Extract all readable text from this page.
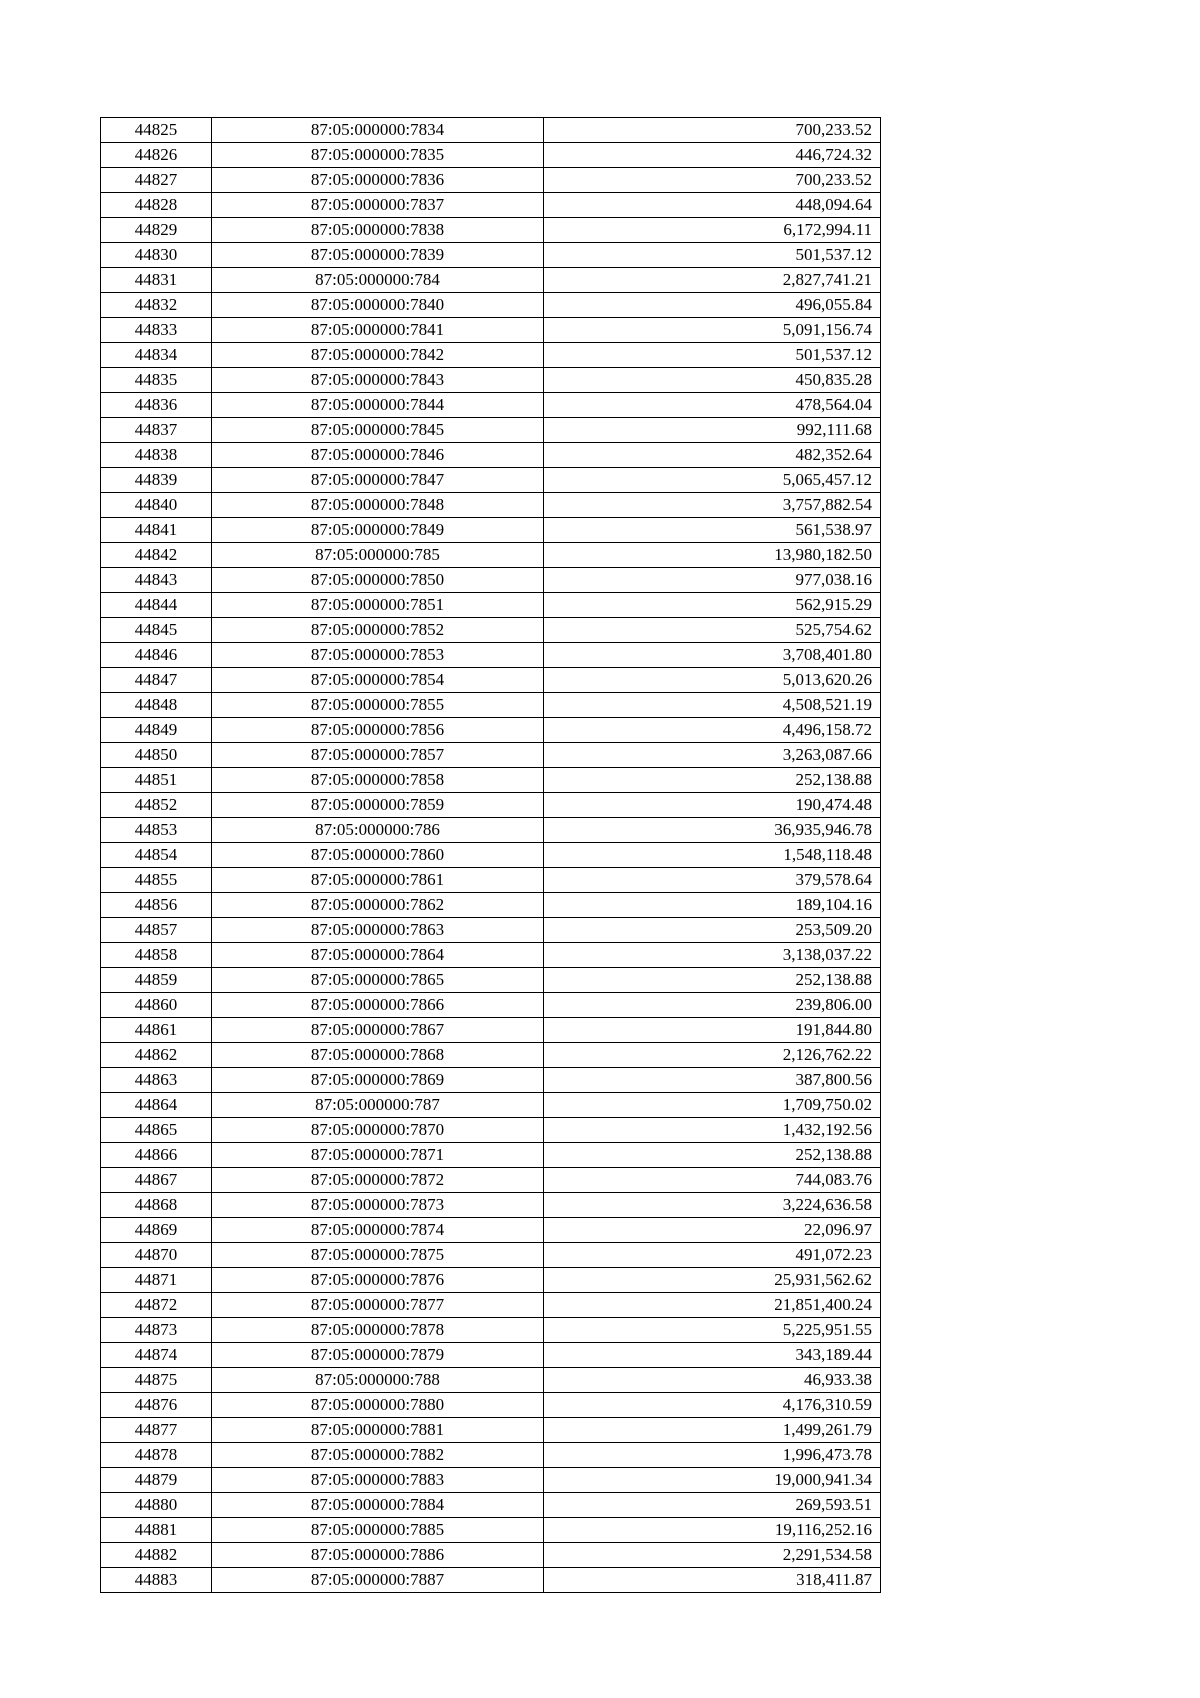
44825	87:05:000000:7834	700,233.52
44826	87:05:000000:7835	446,724.32
44827	87:05:000000:7836	700,233.52
44828	87:05:000000:7837	448,094.64
44829	87:05:000000:7838	6,172,994.11
44830	87:05:000000:7839	501,537.12
44831	87:05:000000:784	2,827,741.21
44832	87:05:000000:7840	496,055.84
44833	87:05:000000:7841	5,091,156.74
44834	87:05:000000:7842	501,537.12
44835	87:05:000000:7843	450,835.28
44836	87:05:000000:7844	478,564.04
44837	87:05:000000:7845	992,111.68
44838	87:05:000000:7846	482,352.64
44839	87:05:000000:7847	5,065,457.12
44840	87:05:000000:7848	3,757,882.54
44841	87:05:000000:7849	561,538.97
44842	87:05:000000:785	13,980,182.50
44843	87:05:000000:7850	977,038.16
44844	87:05:000000:7851	562,915.29
44845	87:05:000000:7852	525,754.62
44846	87:05:000000:7853	3,708,401.80
44847	87:05:000000:7854	5,013,620.26
44848	87:05:000000:7855	4,508,521.19
44849	87:05:000000:7856	4,496,158.72
44850	87:05:000000:7857	3,263,087.66
44851	87:05:000000:7858	252,138.88
44852	87:05:000000:7859	190,474.48
44853	87:05:000000:786	36,935,946.78
44854	87:05:000000:7860	1,548,118.48
44855	87:05:000000:7861	379,578.64
44856	87:05:000000:7862	189,104.16
44857	87:05:000000:7863	253,509.20
44858	87:05:000000:7864	3,138,037.22
44859	87:05:000000:7865	252,138.88
44860	87:05:000000:7866	239,806.00
44861	87:05:000000:7867	191,844.80
44862	87:05:000000:7868	2,126,762.22
44863	87:05:000000:7869	387,800.56
44864	87:05:000000:787	1,709,750.02
44865	87:05:000000:7870	1,432,192.56
44866	87:05:000000:7871	252,138.88
44867	87:05:000000:7872	744,083.76
44868	87:05:000000:7873	3,224,636.58
44869	87:05:000000:7874	22,096.97
44870	87:05:000000:7875	491,072.23
44871	87:05:000000:7876	25,931,562.62
44872	87:05:000000:7877	21,851,400.24
44873	87:05:000000:7878	5,225,951.55
44874	87:05:000000:7879	343,189.44
44875	87:05:000000:788	46,933.38
44876	87:05:000000:7880	4,176,310.59
44877	87:05:000000:7881	1,499,261.79
44878	87:05:000000:7882	1,996,473.78
44879	87:05:000000:7883	19,000,941.34
44880	87:05:000000:7884	269,593.51
44881	87:05:000000:7885	19,116,252.16
44882	87:05:000000:7886	2,291,534.58
44883	87:05:000000:7887	318,411.87
